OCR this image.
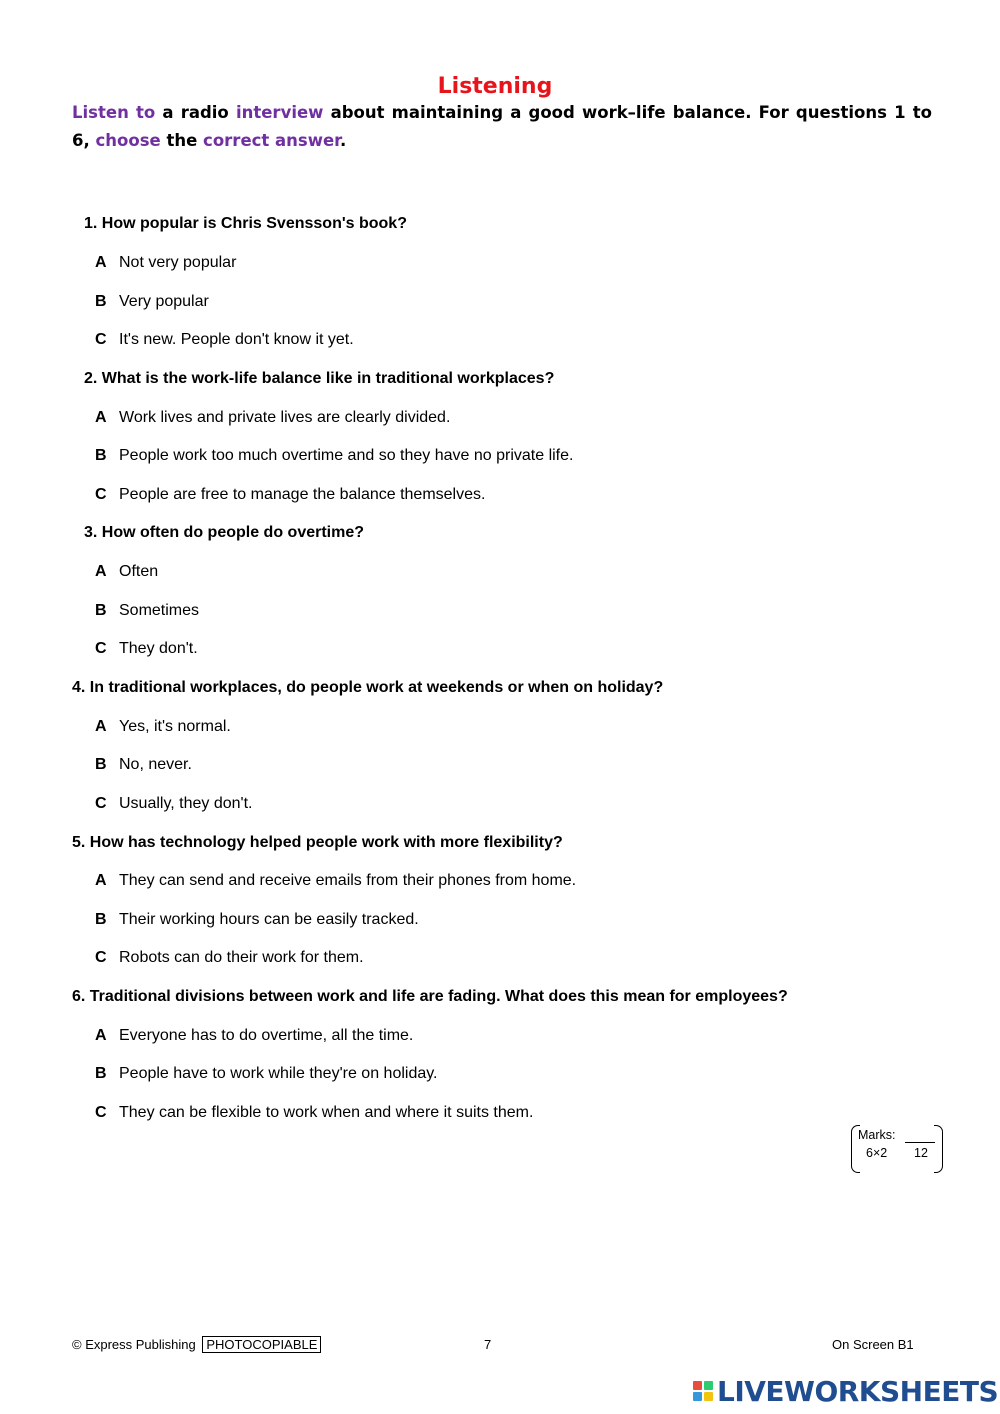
Listening

Listen to a radio interview about maintaining a good work–life balance. For questions 1 to 6, choose the correct answer.

1. How popular is Chris Svensson's book?

A Not very popular

B Very popular

C It's new. People don't know it yet.

2. What is the work-life balance like in traditional workplaces?

A Work lives and private lives are clearly divided.

B People work too much overtime and so they have no private life.

C People are free to manage the balance themselves.

3. How often do people do overtime?

A Often

B Sometimes

C They don't.

4. In traditional workplaces, do people work at weekends or when on holiday?

A Yes, it's normal.

B No, never.

C Usually, they don't.

5. How has technology helped people work with more flexibility?

A They can send and receive emails from their phones from home.

B Their working hours can be easily tracked.

C Robots can do their work for them.

6. Traditional divisions between work and life are fading. What does this mean for employees?

A Everyone has to do overtime, all the time.

B People have to work while they're on holiday.

C They can be flexible to work when and where it suits them.

Marks:
6×2 12
© Express Publishing PHOTOCOPIABLE	7	On Screen B1
LIVEWORKSHEETS
